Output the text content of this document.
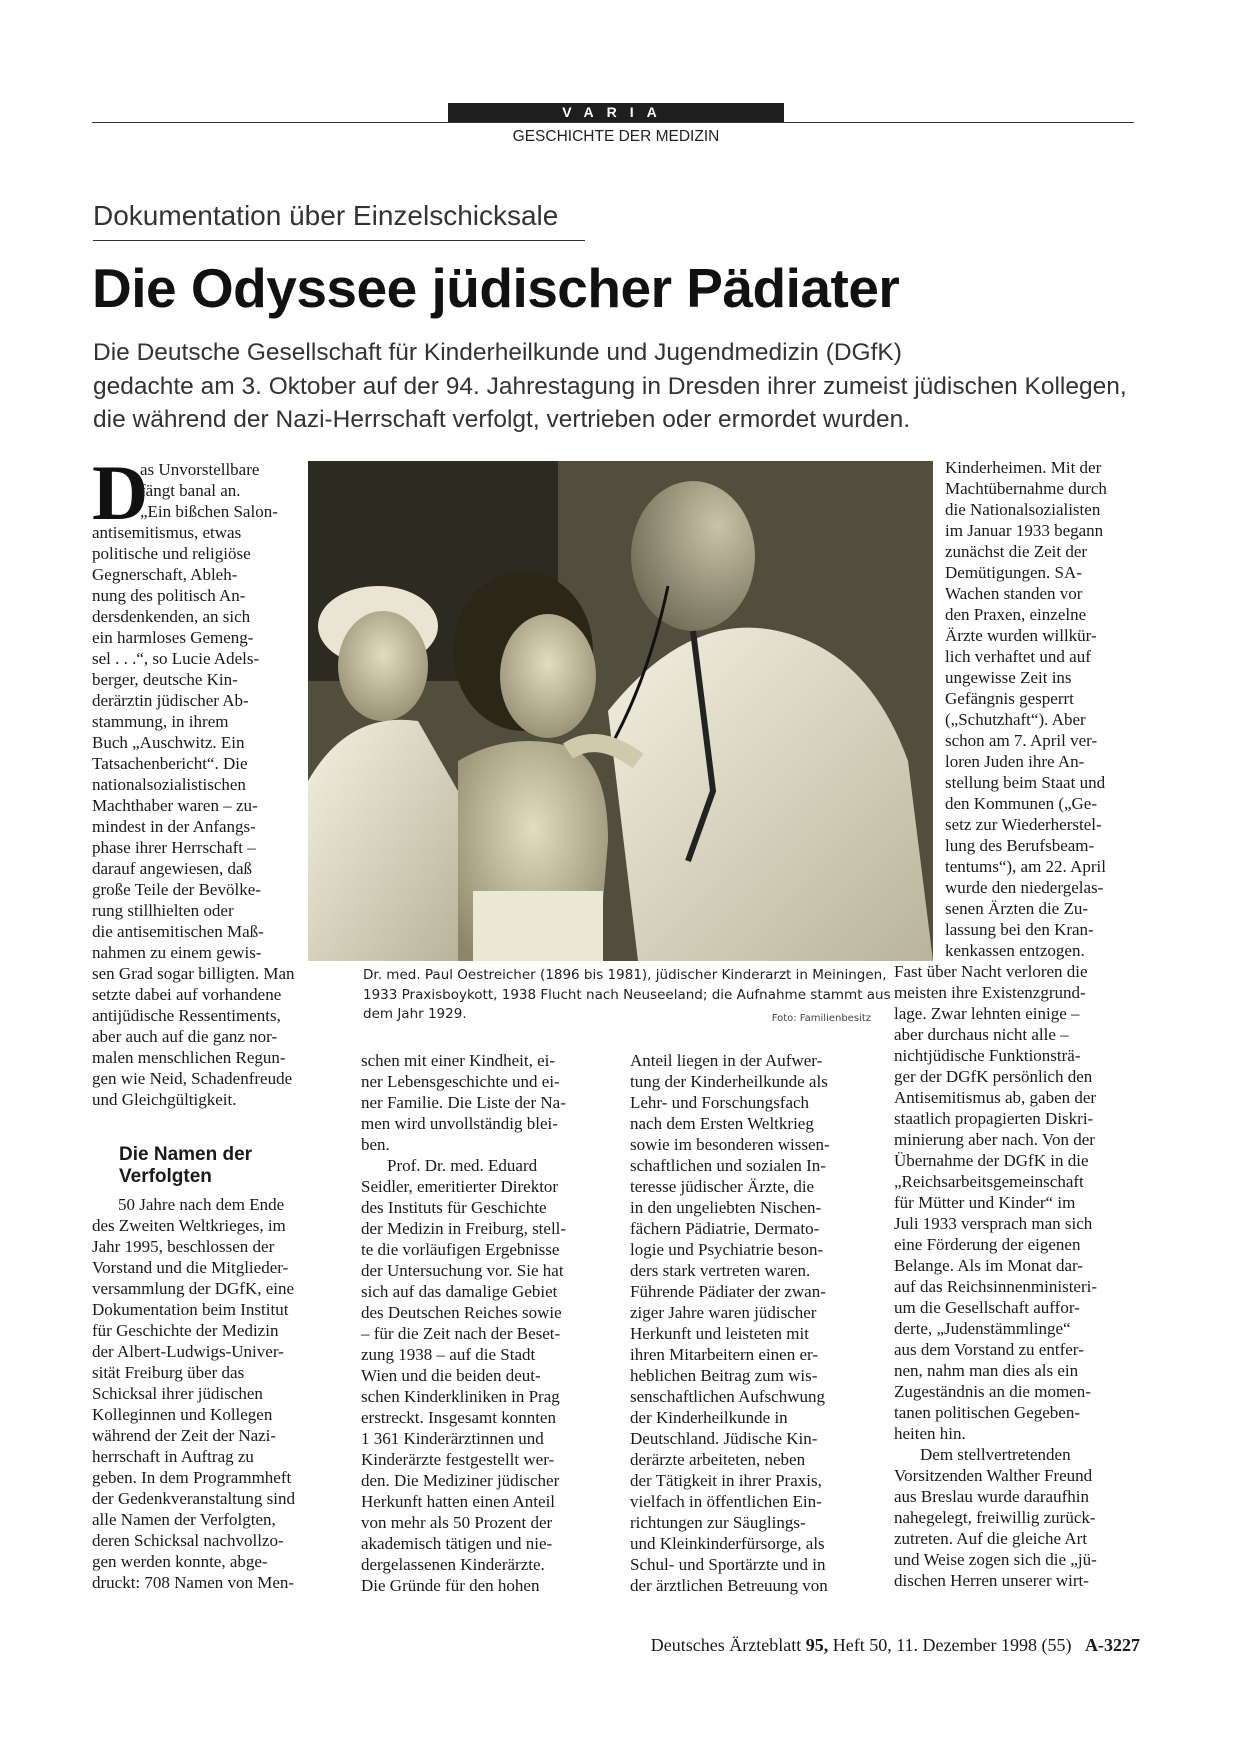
VARIA
GESCHICHTE DER MEDIZIN
Dokumentation über Einzelschicksale
Die Odyssee jüdischer Pädiater
Die Deutsche Gesellschaft für Kinderheilkunde und Jugendmedizin (DGfK)
gedachte am 3. Oktober auf der 94. Jahrestagung in Dresden ihrer zumeist jüdischen Kollegen,
die während der Nazi-Herrschaft verfolgt, vertrieben oder ermordet wurden.
D
as Unvorstellbare
fängt banal an.
„Ein bißchen Salon-
antisemitismus, etwas
politische und religiöse
Gegnerschaft, Ableh-
nung des politisch An-
dersdenkenden, an sich
ein harmloses Gemeng-
sel . . .“, so Lucie Adels-
berger, deutsche Kin-
derärztin jüdischer Ab-
stammung, in ihrem
Buch „Auschwitz. Ein
Tatsachenbericht“. Die
nationalsozialistischen
Machthaber waren – zu-
mindest in der Anfangs-
phase ihrer Herrschaft –
darauf angewiesen, daß
große Teile der Bevölke-
rung stillhielten oder
die antisemitischen Maß-
nahmen zu einem gewis-
sen Grad sogar billigten. Man
setzte dabei auf vorhandene
antijüdische Ressentiments,
aber auch auf die ganz nor-
malen menschlichen Regun-
gen wie Neid, Schadenfreude
und Gleichgültigkeit.
Die Namen der
Verfolgten
50 Jahre nach dem Ende
des Zweiten Weltkrieges, im
Jahr 1995, beschlossen der
Vorstand und die Mitglieder-
versammlung der DGfK, eine
Dokumentation beim Institut
für Geschichte der Medizin
der Albert-Ludwigs-Univer-
sität Freiburg über das
Schicksal ihrer jüdischen
Kolleginnen und Kollegen
während der Zeit der Nazi-
herrschaft in Auftrag zu
geben. In dem Programmheft
der Gedenkveranstaltung sind
alle Namen der Verfolgten,
deren Schicksal nachvollzo-
gen werden konnte, abge-
druckt: 708 Namen von Men-
Dr. med. Paul Oestreicher (1896 bis 1981), jüdischer Kinderarzt in Meiningen,
1933 Praxisboykott, 1938 Flucht nach Neuseeland; die Aufnahme stammt aus
dem Jahr 1929.	Foto: Familienbesitz
schen mit einer Kindheit, ei-
ner Lebensgeschichte und ei-
ner Familie. Die Liste der Na-
men wird unvollständig blei-
ben.
Prof. Dr. med. Eduard
Seidler, emeritierter Direktor
des Instituts für Geschichte
der Medizin in Freiburg, stell-
te die vorläufigen Ergebnisse
der Untersuchung vor. Sie hat
sich auf das damalige Gebiet
des Deutschen Reiches sowie
– für die Zeit nach der Beset-
zung 1938 – auf die Stadt
Wien und die beiden deut-
schen Kinderkliniken in Prag
erstreckt. Insgesamt konnten
1 361 Kinderärztinnen und
Kinderärzte festgestellt wer-
den. Die Mediziner jüdischer
Herkunft hatten einen Anteil
von mehr als 50 Prozent der
akademisch tätigen und nie-
dergelassenen Kinderärzte.
Die Gründe für den hohen
Anteil liegen in der Aufwer-
tung der Kinderheilkunde als
Lehr- und Forschungsfach
nach dem Ersten Weltkrieg
sowie im besonderen wissen-
schaftlichen und sozialen In-
teresse jüdischer Ärzte, die
in den ungeliebten Nischen-
fächern Pädiatrie, Dermato-
logie und Psychiatrie beson-
ders stark vertreten waren.
Führende Pädiater der zwan-
ziger Jahre waren jüdischer
Herkunft und leisteten mit
ihren Mitarbeitern einen er-
heblichen Beitrag zum wis-
senschaftlichen Aufschwung
der Kinderheilkunde in
Deutschland. Jüdische Kin-
derärzte arbeiteten, neben
der Tätigkeit in ihrer Praxis,
vielfach in öffentlichen Ein-
richtungen zur Säuglings-
und Kleinkinderfürsorge, als
Schul- und Sportärzte und in
der ärztlichen Betreuung von
Kinderheimen. Mit der
Machtübernahme durch
die Nationalsozialisten
im Januar 1933 begann
zunächst die Zeit der
Demütigungen. SA-
Wachen standen vor
den Praxen, einzelne
Ärzte wurden willkür-
lich verhaftet und auf
ungewisse Zeit ins
Gefängnis gesperrt
(„Schutzhaft“). Aber
schon am 7. April ver-
loren Juden ihre An-
stellung beim Staat und
den Kommunen („Ge-
setz zur Wiederherstel-
lung des Berufsbeam-
tentums“), am 22. April
wurde den niedergelas-
senen Ärzten die Zu-
lassung bei den Kran-
kenkassen entzogen.
Fast über Nacht verloren die
meisten ihre Existenzgrund-
lage. Zwar lehnten einige –
aber durchaus nicht alle –
nichtjüdische Funktionsträ-
ger der DGfK persönlich den
Antisemitismus ab, gaben der
staatlich propagierten Diskri-
minierung aber nach. Von der
Übernahme der DGfK in die
„Reichsarbeitsgemeinschaft
für Mütter und Kinder“ im
Juli 1933 versprach man sich
eine Förderung der eigenen
Belange. Als im Monat dar-
auf das Reichsinnenministeri-
um die Gesellschaft auffor-
derte, „Judenstämmlinge“
aus dem Vorstand zu entfer-
nen, nahm man dies als ein
Zugeständnis an die momen-
tanen politischen Gegeben-
heiten hin.
Dem stellvertretenden
Vorsitzenden Walther Freund
aus Breslau wurde daraufhin
nahegelegt, freiwillig zurück-
zutreten. Auf die gleiche Art
und Weise zogen sich die „jü-
dischen Herren unserer wirt-
Deutsches Ärzteblatt 95, Heft 50, 11. Dezember 1998 (55) A-3227
